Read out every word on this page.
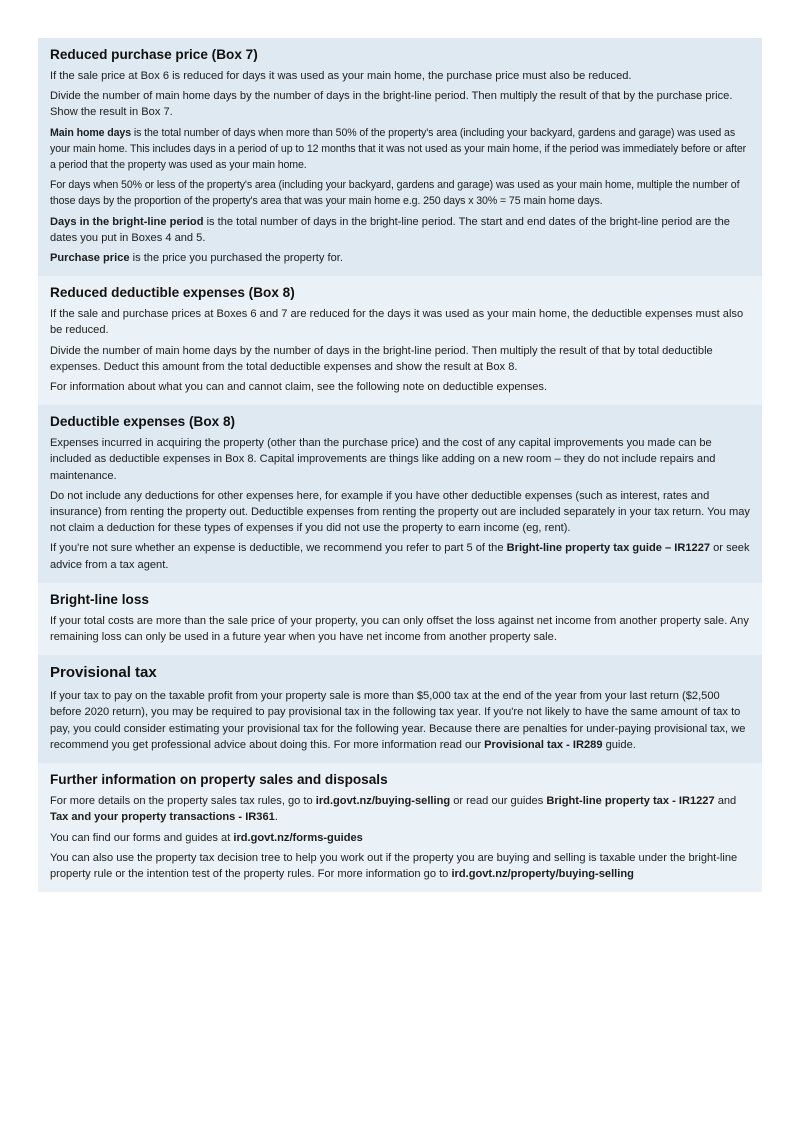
Reduced purchase price (Box 7)

If the sale price at Box 6 is reduced for days it was used as your main home, the purchase price must also be reduced.

Divide the number of main home days by the number of days in the bright-line period. Then multiply the result of that by the purchase price. Show the result in Box 7.

Main home days is the total number of days when more than 50% of the property's area (including your backyard, gardens and garage) was used as your main home. This includes days in a period of up to 12 months that it was not used as your main home, if the period was immediately before or after a period that the property was used as your main home.

For days when 50% or less of the property's area (including your backyard, gardens and garage) was used as your main home, multiple the number of those days by the proportion of the property's area that was your main home e.g. 250 days x 30% = 75 main home days.

Days in the bright-line period is the total number of days in the bright-line period. The start and end dates of the bright-line period are the dates you put in Boxes 4 and 5.

Purchase price is the price you purchased the property for.

Reduced deductible expenses (Box 8)

If the sale and purchase prices at Boxes 6 and 7 are reduced for the days it was used as your main home, the deductible expenses must also be reduced.

Divide the number of main home days by the number of days in the bright-line period. Then multiply the result of that by total deductible expenses. Deduct this amount from the total deductible expenses and show the result at Box 8.

For information about what you can and cannot claim, see the following note on deductible expenses.

Deductible expenses (Box 8)

Expenses incurred in acquiring the property (other than the purchase price) and the cost of any capital improvements you made can be included as deductible expenses in Box 8. Capital improvements are things like adding on a new room – they do not include repairs and maintenance.

Do not include any deductions for other expenses here, for example if you have other deductible expenses (such as interest, rates and insurance) from renting the property out. Deductible expenses from renting the property out are included separately in your tax return. You may not claim a deduction for these types of expenses if you did not use the property to earn income (eg, rent).

If you're not sure whether an expense is deductible, we recommend you refer to part 5 of the Bright-line property tax guide – IR1227 or seek advice from a tax agent.

Bright-line loss

If your total costs are more than the sale price of your property, you can only offset the loss against net income from another property sale. Any remaining loss can only be used in a future year when you have net income from another property sale.

Provisional tax

If your tax to pay on the taxable profit from your property sale is more than $5,000 tax at the end of the year from your last return ($2,500 before 2020 return), you may be required to pay provisional tax in the following tax year. If you're not likely to have the same amount of tax to pay, you could consider estimating your provisional tax for the following year. Because there are penalties for under-paying provisional tax, we recommend you get professional advice about doing this. For more information read our Provisional tax - IR289 guide.

Further information on property sales and disposals

For more details on the property sales tax rules, go to ird.govt.nz/buying-selling or read our guides Bright-line property tax - IR1227 and Tax and your property transactions - IR361.

You can find our forms and guides at ird.govt.nz/forms-guides

You can also use the property tax decision tree to help you work out if the property you are buying and selling is taxable under the bright-line property rule or the intention test of the property rules. For more information go to ird.govt.nz/property/buying-selling
